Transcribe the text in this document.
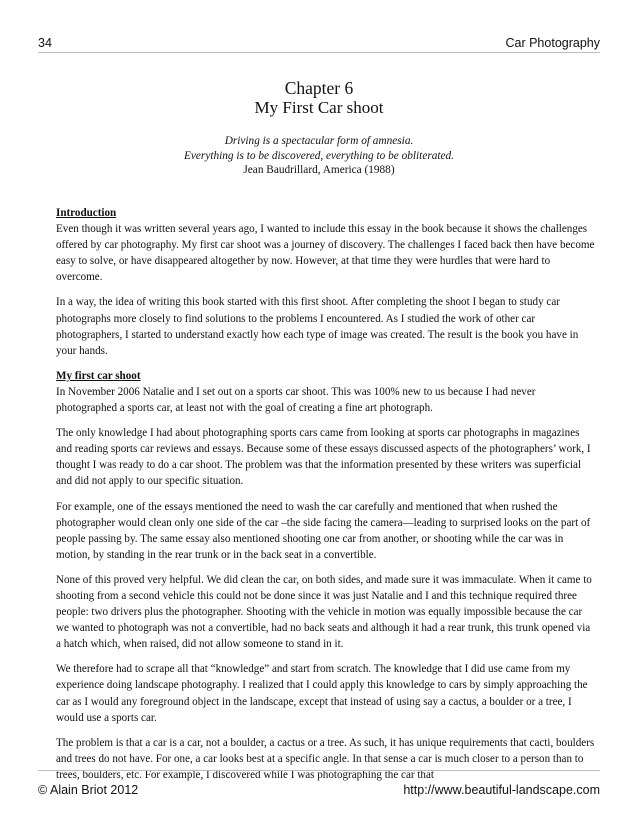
34	Car Photography
Chapter 6
My First Car shoot
Driving is a spectacular form of amnesia.
Everything is to be discovered, everything to be obliterated.
Jean Baudrillard, America (1988)
Introduction

Even though it was written several years ago, I wanted to include this essay in the book because it shows the challenges offered by car photography. My first car shoot was a journey of discovery. The challenges I faced back then have become easy to solve, or have disappeared altogether by now. However, at that time they were hurdles that were hard to overcome.

In a way, the idea of writing this book started with this first shoot. After completing the shoot I began to study car photographs more closely to find solutions to the problems I encountered. As I studied the work of other car photographers, I started to understand exactly how each type of image was created. The result is the book you have in your hands.

My first car shoot

In November 2006 Natalie and I set out on a sports car shoot. This was 100% new to us because I had never photographed a sports car, at least not with the goal of creating a fine art photograph.

The only knowledge I had about photographing sports cars came from looking at sports car photographs in magazines and reading sports car reviews and essays. Because some of these essays discussed aspects of the photographers’ work, I thought I was ready to do a car shoot. The problem was that the information presented by these writers was superficial and did not apply to our specific situation.

For example, one of the essays mentioned the need to wash the car carefully and mentioned that when rushed the photographer would clean only one side of the car –the side facing the camera—leading to surprised looks on the part of people passing by. The same essay also mentioned shooting one car from another, or shooting while the car was in motion, by standing in the rear trunk or in the back seat in a convertible.

None of this proved very helpful. We did clean the car, on both sides, and made sure it was immaculate. When it came to shooting from a second vehicle this could not be done since it was just Natalie and I and this technique required three people: two drivers plus the photographer. Shooting with the vehicle in motion was equally impossible because the car we wanted to photograph was not a convertible, had no back seats and although it had a rear trunk, this trunk opened via a hatch which, when raised, did not allow someone to stand in it.

We therefore had to scrape all that “knowledge” and start from scratch. The knowledge that I did use came from my experience doing landscape photography. I realized that I could apply this knowledge to cars by simply approaching the car as I would any foreground object in the landscape, except that instead of using say a cactus, a boulder or a tree, I would use a sports car.

The problem is that a car is a car, not a boulder, a cactus or a tree. As such, it has unique requirements that cacti, boulders and trees do not have. For one, a car looks best at a specific angle. In that sense a car is much closer to a person than to trees, boulders, etc. For example, I discovered while I was photographing the car that

© Alain Briot 2012	http://www.beautiful-landscape.com
